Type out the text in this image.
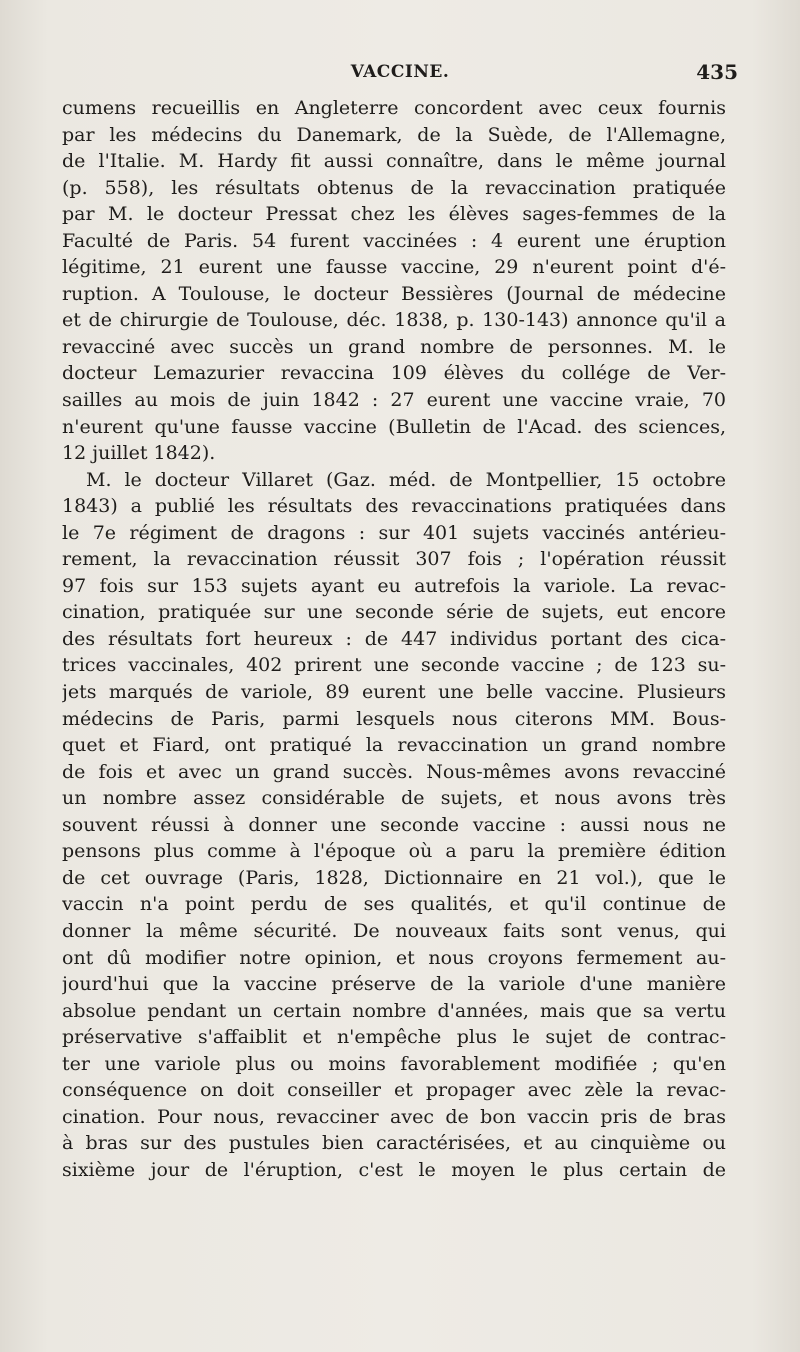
VACCINE.	435
cumens recueillis en Angleterre concordent avec ceux fournis
par les médecins du Danemark, de la Suède, de l'Allemagne,
de l'Italie. M. Hardy fit aussi connaître, dans le même journal
(p. 558), les résultats obtenus de la revaccination pratiquée
par M. le docteur Pressat chez les élèves sages-femmes de la
Faculté de Paris. 54 furent vaccinées : 4 eurent une éruption
légitime, 21 eurent une fausse vaccine, 29 n'eurent point d'é-
ruption. A Toulouse, le docteur Bessières (Journal de médecine
et de chirurgie de Toulouse, déc. 1838, p. 130-143) annonce qu'il a
revacciné avec succès un grand nombre de personnes. M. le
docteur Lemazurier revaccina 109 élèves du collége de Ver-
sailles au mois de juin 1842 : 27 eurent une vaccine vraie, 70
n'eurent qu'une fausse vaccine (Bulletin de l'Acad. des sciences,
12 juillet 1842).
M. le docteur Villaret (Gaz. méd. de Montpellier, 15 octobre
1843) a publié les résultats des revaccinations pratiquées dans
le 7e régiment de dragons : sur 401 sujets vaccinés antérieu-
rement, la revaccination réussit 307 fois ; l'opération réussit
97 fois sur 153 sujets ayant eu autrefois la variole. La revac-
cination, pratiquée sur une seconde série de sujets, eut encore
des résultats fort heureux : de 447 individus portant des cica-
trices vaccinales, 402 prirent une seconde vaccine ; de 123 su-
jets marqués de variole, 89 eurent une belle vaccine. Plusieurs
médecins de Paris, parmi lesquels nous citerons MM. Bous-
quet et Fiard, ont pratiqué la revaccination un grand nombre
de fois et avec un grand succès. Nous-mêmes avons revacciné
un nombre assez considérable de sujets, et nous avons très
souvent réussi à donner une seconde vaccine : aussi nous ne
pensons plus comme à l'époque où a paru la première édition
de cet ouvrage (Paris, 1828, Dictionnaire en 21 vol.), que le
vaccin n'a point perdu de ses qualités, et qu'il continue de
donner la même sécurité. De nouveaux faits sont venus, qui
ont dû modifier notre opinion, et nous croyons fermement au-
jourd'hui que la vaccine préserve de la variole d'une manière
absolue pendant un certain nombre d'années, mais que sa vertu
préservative s'affaiblit et n'empêche plus le sujet de contrac-
ter une variole plus ou moins favorablement modifiée ; qu'en
conséquence on doit conseiller et propager avec zèle la revac-
cination. Pour nous, revacciner avec de bon vaccin pris de bras
à bras sur des pustules bien caractérisées, et au cinquième ou
sixième jour de l'éruption, c'est le moyen le plus certain de
